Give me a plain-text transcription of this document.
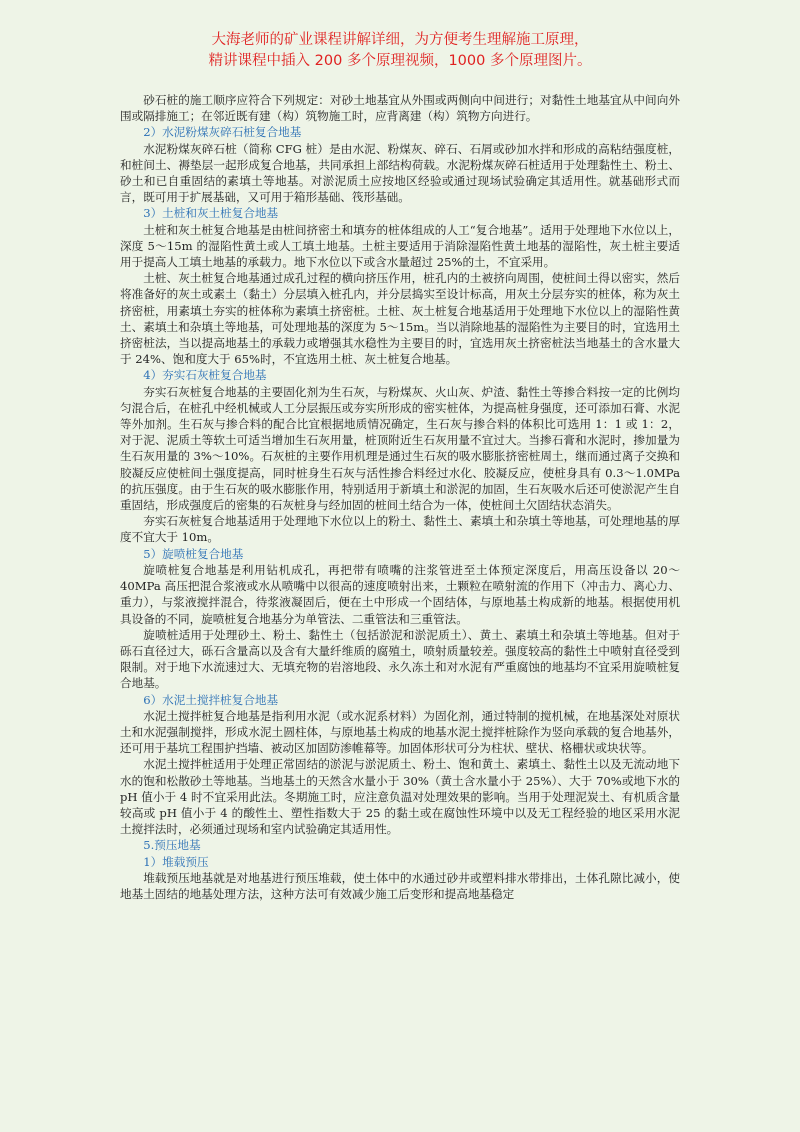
大海老师的矿业课程讲解详细，为方便考生理解施工原理，
精讲课程中插入 200 多个原理视频，1000 多个原理图片。

砂石桩的施工顺序应符合下列规定：对砂土地基宜从外围或两侧向中间进行；对黏性土地基宜从中间向外围或隔排施工；在邻近既有建（构）筑物施工时，应背离建（构）筑物方向进行。

2）水泥粉煤灰碎石桩复合地基

水泥粉煤灰碎石桩（简称 CFG 桩）是由水泥、粉煤灰、碎石、石屑或砂加水拌和形成的高粘结强度桩，和桩间土、褥垫层一起形成复合地基，共同承担上部结构荷载。水泥粉煤灰碎石桩适用于处理黏性土、粉土、砂土和已自重固结的素填土等地基。对淤泥质土应按地区经验或通过现场试验确定其适用性。就基础形式而言，既可用于扩展基础，又可用于箱形基础、筏形基础。

3）土桩和灰土桩复合地基

土桩和灰土桩复合地基是由桩间挤密土和填夯的桩体组成的人工“复合地基”。适用于处理地下水位以上，深度 5～15m 的湿陷性黄土或人工填土地基。土桩主要适用于消除湿陷性黄土地基的湿陷性，灰土桩主要适用于提高人工填土地基的承载力。地下水位以下或含水量超过 25%的土，不宜采用。

土桩、灰土桩复合地基通过成孔过程的横向挤压作用，桩孔内的土被挤向周围，使桩间土得以密实，然后将准备好的灰土或素土（黏土）分层填入桩孔内，并分层捣实至设计标高，用灰土分层夯实的桩体，称为灰土挤密桩，用素填土夯实的桩体称为素填土挤密桩。土桩、灰土桩复合地基适用于处理地下水位以上的湿陷性黄土、素填土和杂填土等地基，可处理地基的深度为 5～15m。当以消除地基的湿陷性为主要目的时，宜选用土挤密桩法，当以提高地基土的承载力或增强其水稳性为主要目的时，宜选用灰土挤密桩法当地基土的含水量大于 24%、饱和度大于 65%时，不宜选用土桩、灰土桩复合地基。

4）夯实石灰桩复合地基

夯实石灰桩复合地基的主要固化剂为生石灰，与粉煤灰、火山灰、炉渣、黏性土等掺合料按一定的比例均匀混合后，在桩孔中经机械或人工分层振压或夯实所形成的密实桩体，为提高桩身强度，还可添加石膏、水泥等外加剂。生石灰与掺合料的配合比宜根据地质情况确定，生石灰与掺合料的体积比可选用 1：1 或 1：2，对于泥、泥质土等软土可适当增加生石灰用量，桩顶附近生石灰用量不宜过大。当掺石膏和水泥时，掺加量为生石灰用量的 3%～10%。石灰桩的主要作用机理是通过生石灰的吸水膨胀挤密桩周土，继而通过离子交换和胶凝反应使桩间土强度提高，同时桩身生石灰与活性掺合料经过水化、胶凝反应，使桩身具有 0.3～1.0MPa 的抗压强度。由于生石灰的吸水膨胀作用，特别适用于新填土和淤泥的加固，生石灰吸水后还可使淤泥产生自重固结，形成强度后的密集的石灰桩身与经加固的桩间土结合为一体，使桩间土欠固结状态消失。

夯实石灰桩复合地基适用于处理地下水位以上的粉土、黏性土、素填土和杂填土等地基，可处理地基的厚度不宜大于 10m。

5）旋喷桩复合地基

旋喷桩复合地基是利用钻机成孔，再把带有喷嘴的注浆管进至土体预定深度后，用高压设备以 20～40MPa 高压把混合浆液或水从喷嘴中以很高的速度喷射出来，土颗粒在喷射流的作用下（冲击力、离心力、重力），与浆液搅拌混合，待浆液凝固后，便在土中形成一个固结体，与原地基土构成新的地基。根据使用机具设备的不同，旋喷桩复合地基分为单管法、二重管法和三重管法。

旋喷桩适用于处理砂土、粉土、黏性土（包括淤泥和淤泥质土）、黄土、素填土和杂填土等地基。但对于砾石直径过大，砾石含量高以及含有大量纤维质的腐殖土，喷射质量较差。强度较高的黏性土中喷射直径受到限制。对于地下水流速过大、无填充物的岩溶地段、永久冻土和对水泥有严重腐蚀的地基均不宜采用旋喷桩复合地基。

6）水泥土搅拌桩复合地基

水泥土搅拌桩复合地基是指利用水泥（或水泥系材料）为固化剂，通过特制的搅机械，在地基深处对原状土和水泥强制搅拌，形成水泥土圆柱体，与原地基土构成的地基水泥土搅拌桩除作为竖向承载的复合地基外，还可用于基坑工程围护挡墙、被动区加固防渗帷幕等。加固体形状可分为柱状、壁状、格栅状或块状等。

水泥土搅拌桩适用于处理正常固结的淤泥与淤泥质土、粉土、饱和黄土、素填土、黏性土以及无流动地下水的饱和松散砂土等地基。当地基土的天然含水量小于 30%（黄土含水量小于 25%）、大于 70%或地下水的 pH 值小于 4 时不宜采用此法。冬期施工时，应注意负温对处理效果的影响。当用于处理泥炭土、有机质含量较高或 pH 值小于 4 的酸性土、塑性指数大于 25 的黏土或在腐蚀性环境中以及无工程经验的地区采用水泥土搅拌法时，必须通过现场和室内试验确定其适用性。

5.预压地基
1）堆载预压

堆载预压地基就是对地基进行预压堆载，使土体中的水通过砂井或塑料排水带排出，土体孔隙比减小，使地基土固结的地基处理方法，这种方法可有效减少施工后变形和提高地基稳定
